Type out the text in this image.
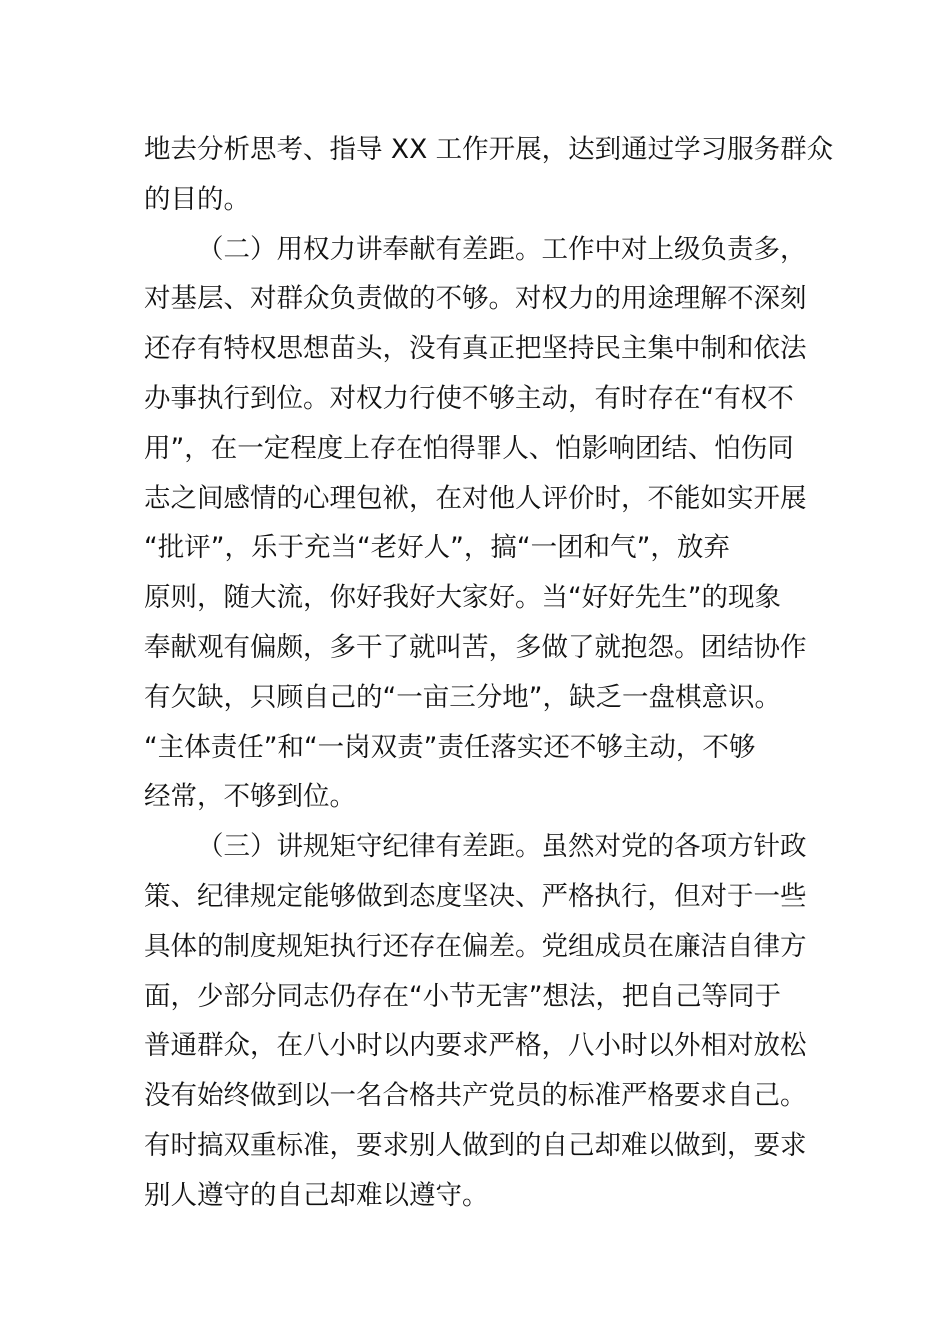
地去分析思考、指导 XX 工作开展，达到通过学习服务群众
的目的。
（二）用权力讲奉献有差距。工作中对上级负责多，
对基层、对群众负责做的不够。对权力的用途理解不深刻
还存有特权思想苗头，没有真正把坚持民主集中制和依法
办事执行到位。对权力行使不够主动，有时存在“有权不
用”，在一定程度上存在怕得罪人、怕影响团结、怕伤同
志之间感情的心理包袱，在对他人评价时，不能如实开展
“批评”，乐于充当“老好人”，搞“一团和气”，放弃
原则，随大流，你好我好大家好。当“好好先生”的现象
奉献观有偏颇，多干了就叫苦，多做了就抱怨。团结协作
有欠缺，只顾自己的“一亩三分地”，缺乏一盘棋意识。
“主体责任”和“一岗双责”责任落实还不够主动，不够
经常，不够到位。
（三）讲规矩守纪律有差距。虽然对党的各项方针政
策、纪律规定能够做到态度坚决、严格执行，但对于一些
具体的制度规矩执行还存在偏差。党组成员在廉洁自律方
面，少部分同志仍存在“小节无害”想法，把自己等同于
普通群众，在八小时以内要求严格，八小时以外相对放松
没有始终做到以一名合格共产党员的标准严格要求自己。
有时搞双重标准，要求别人做到的自己却难以做到，要求
别人遵守的自己却难以遵守。
